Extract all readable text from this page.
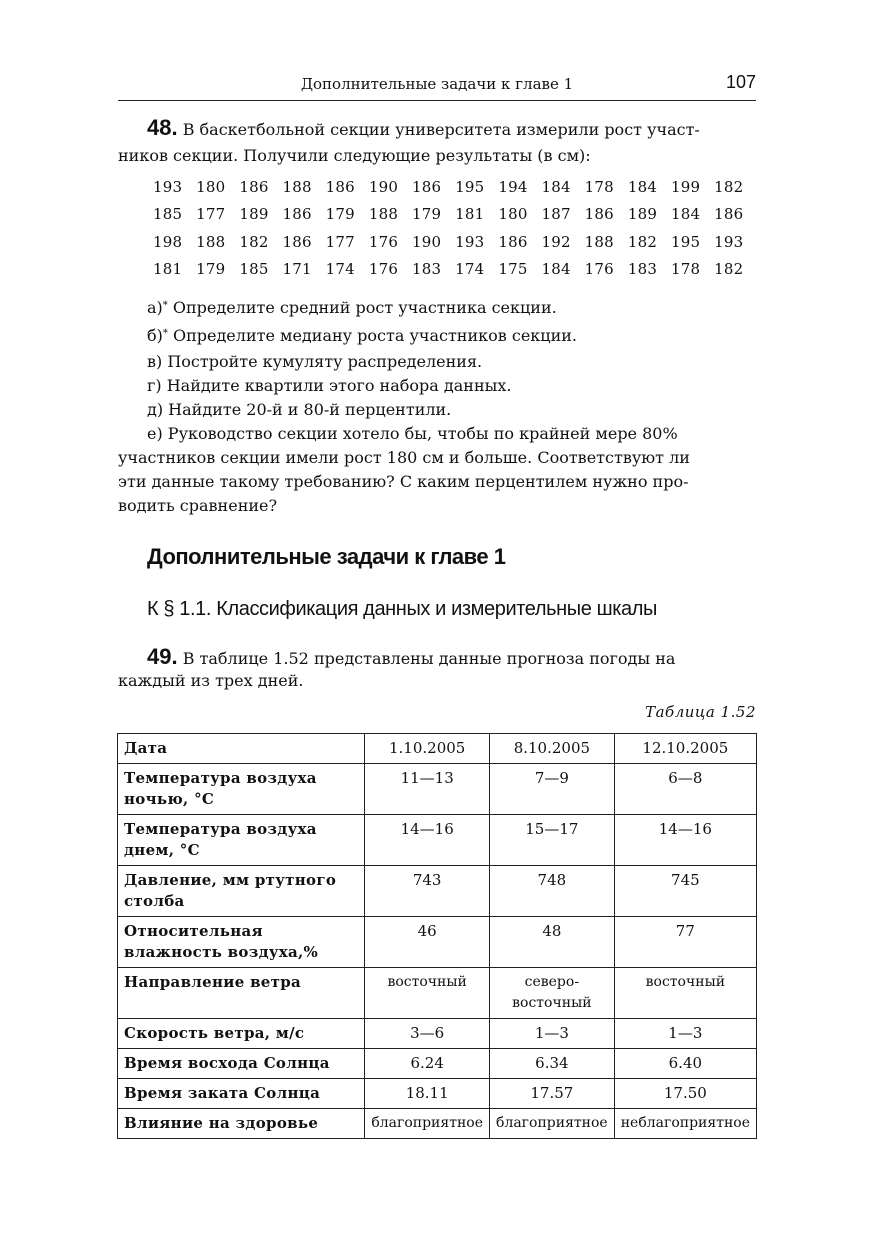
Дополнительные задачи к главе 1	107
48. В баскетбольной секции университета измерили рост участ-
ников секции. Получили следующие результаты (в см):
193  180  186  188  186  190  186  195  194  184  178  184  199  182
185  177  189  186  179  188  179  181  180  187  186  189  184  186
198  188  182  186  177  176  190  193  186  192  188  182  195  193
181  179  185  171  174  176  183  174  175  184  176  183  178  182
а)* Определите средний рост участника секции.
б)* Определите медиану роста участников секции.
в) Постройте кумуляту распределения.
г) Найдите квартили этого набора данных.
д) Найдите 20-й и 80-й перцентили.
е) Руководство секции хотело бы, чтобы по крайней мере 80%
участников секции имели рост 180 см и больше. Соответствуют ли
эти данные такому требованию? С каким перцентилем нужно про-
водить сравнение?
Дополнительные задачи к главе 1
К § 1.1. Классификация данных и измерительные шкалы
49. В таблице 1.52 представлены данные прогноза погоды на
каждый из трех дней.
Таблица 1.52
Дата	1.10.2005	8.10.2005	12.10.2005
Температура воздуха ночью, °С	11—13	7—9	6—8
Температура воздуха днем, °С	14—16	15—17	14—16
Давление, мм ртутного столба	743	748	745
Относительная влажность воздуха,%	46	48	77
Направление ветра	восточный	северо-восточный	восточный
Скорость ветра, м/с	3—6	1—3	1—3
Время восхода Солнца	6.24	6.34	6.40
Время заката Солнца	18.11	17.57	17.50
Влияние на здоровье	благоприятное	благоприятное	неблагоприятное
